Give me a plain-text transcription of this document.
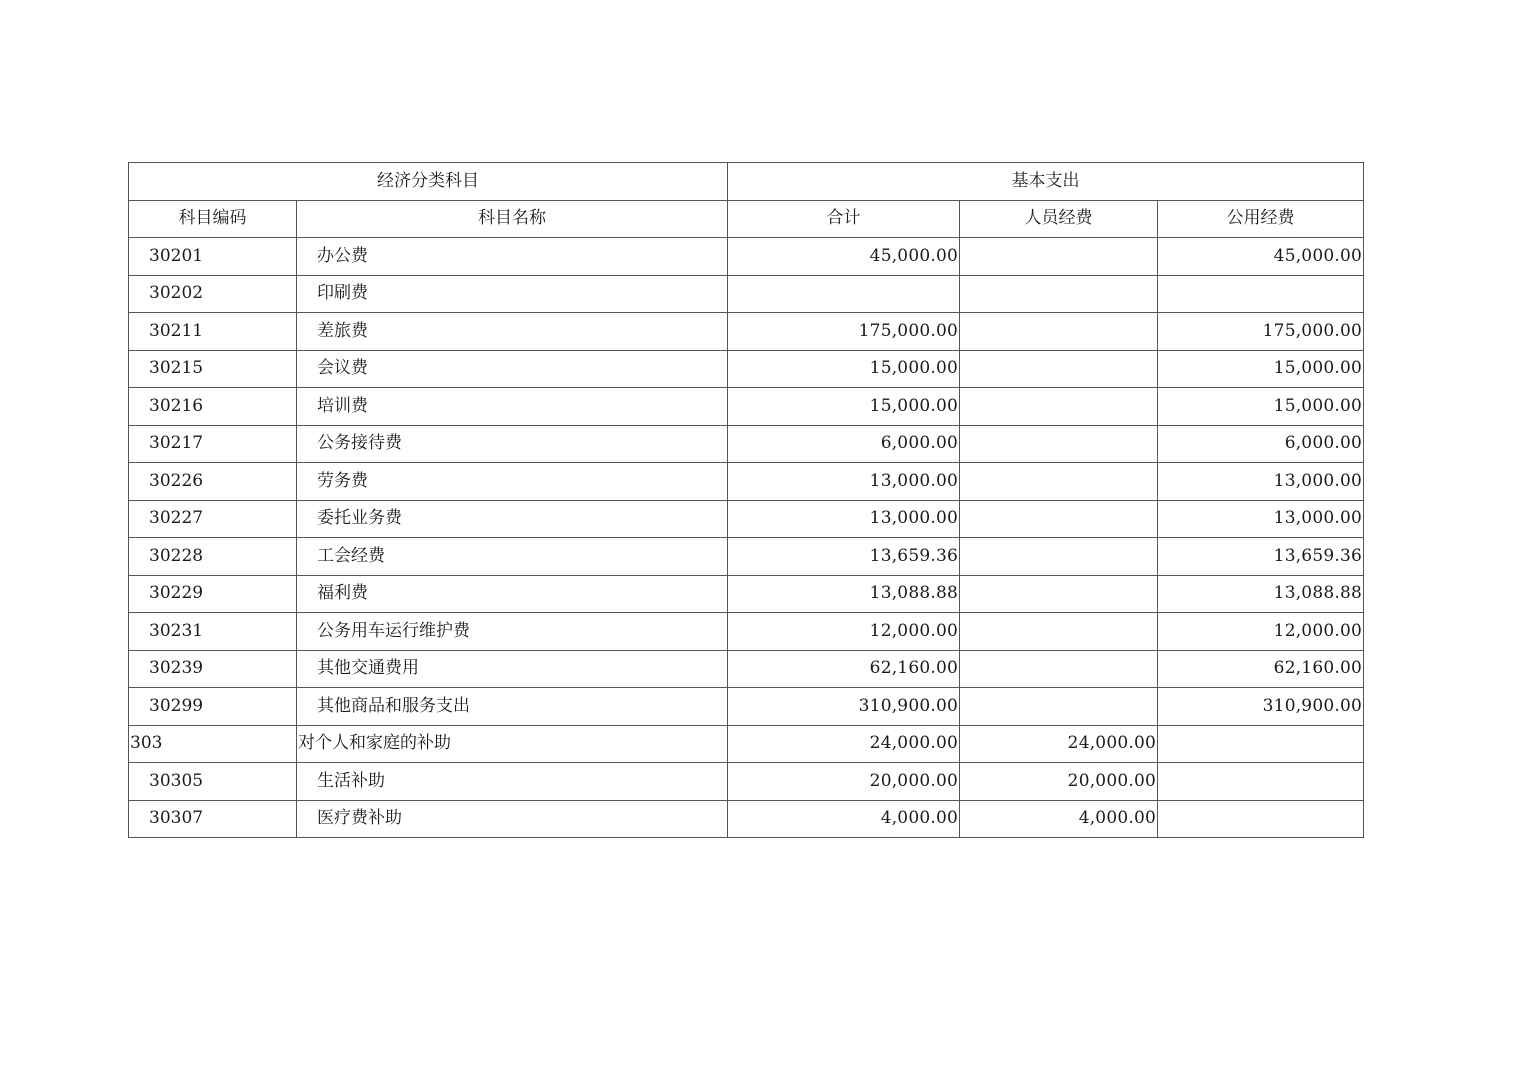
经济分类科目		基本支出		
科目编码	科目名称	合计	人员经费	公用经费
30201	办公费	45,000.00		45,000.00
30202	印刷费			
30211	差旅费	175,000.00		175,000.00
30215	会议费	15,000.00		15,000.00
30216	培训费	15,000.00		15,000.00
30217	公务接待费	6,000.00		6,000.00
30226	劳务费	13,000.00		13,000.00
30227	委托业务费	13,000.00		13,000.00
30228	工会经费	13,659.36		13,659.36
30229	福利费	13,088.88		13,088.88
30231	公务用车运行维护费	12,000.00		12,000.00
30239	其他交通费用	62,160.00		62,160.00
30299	其他商品和服务支出	310,900.00		310,900.00
303	对个人和家庭的补助	24,000.00	24,000.00	
30305	生活补助	20,000.00	20,000.00	
30307	医疗费补助	4,000.00	4,000.00	
